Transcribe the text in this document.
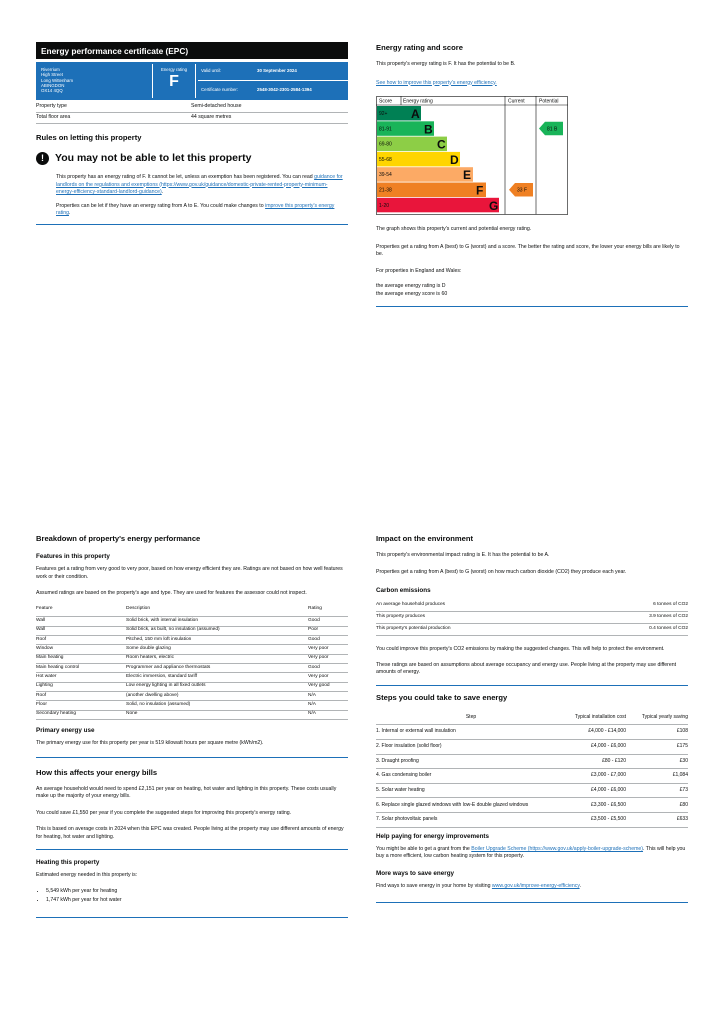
Energy performance certificate (EPC)
Riverrium
High Street
Long Wittenham
ABINGDON
OX14 4QQ
Energy rating
F
Valid until:	30 September 2024
Certificate number:	2548-3042-2301-2584-1394
Property type	Semi-detached house
Total floor area	44 square metres
Rules on letting this property
!	You may not be able to let this property

This property has an energy rating of F. It cannot be let, unless an exemption has been registered. You can read guidance for landlords on the regulations and exemptions (https://www.gov.uk/guidance/domestic-private-rented-property-minimum-energy-efficiency-standard-landlord-guidance).

Properties can be let if they have an energy rating from A to E. You could make changes to improve this property's energy rating.

Energy rating and score

This property's energy rating is F. It has the potential to be B.

See how to improve this property's energy efficiency.

Score Energy rating	Current	Potential
92+ A
81-91	B
69-80	C
55-68	D
39-54	E
21-38	F
1-20	G
33 F
81 B

The graph shows this property's current and potential energy rating.

Properties get a rating from A (best) to G (worst) and a score. The better the rating and score, the lower your energy bills are likely to be.

For properties in England and Wales:

the average energy rating is D
the average energy score is 60
Breakdown of property's energy performance
Features in this property

Features get a rating from very good to very poor, based on how energy efficient they are. Ratings are not based on how well features work or their condition.

Assumed ratings are based on the property's age and type. They are used for features the assessor could not inspect.

Feature	Description	Rating
Wall	Solid brick, with internal insulation	Good
Wall	Solid brick, as built, no insulation (assumed)	Poor
Roof	Pitched, 150 mm loft insulation	Good
Window	Some double glazing	Very poor
Main heating	Room heaters, electric	Very poor
Main heating control	Programmer and appliance thermostats	Good
Hot water	Electric immersion, standard tariff	Very poor
Lighting	Low energy lighting in all fixed outlets	Very good
Roof	(another dwelling above)	N/A
Floor	Solid, no insulation (assumed)	N/A
Secondary heating	None	N/A
Primary energy use

The primary energy use for this property per year is 519 kilowatt hours per square metre (kWh/m2).

How this affects your energy bills

An average household would need to spend £2,151 per year on heating, hot water and lighting in this property. These costs usually make up the majority of your energy bills.

You could save £1,550 per year if you complete the suggested steps for improving this property's energy rating.

This is based on average costs in 2024 when this EPC was created. People living at the property may use different amounts of energy for heating, hot water and lighting.

Heating this property

Estimated energy needed in this property is:

• 5,549 kWh per year for heating
• 1,747 kWh per year for hot water
Impact on the environment

This property's environmental impact rating is E. It has the potential to be A.

Properties get a rating from A (best) to G (worst) on how much carbon dioxide (CO2) they produce each year.

Carbon emissions
An average household produces	6 tonnes of CO2
This property produces	3.9 tonnes of CO2
This property's potential production	0.4 tonnes of CO2

You could improve this property's CO2 emissions by making the suggested changes. This will help to protect the environment.

These ratings are based on assumptions about average occupancy and energy use. People living at the property may use different amounts of energy.

Steps you could take to save energy
Step	Typical installation cost	Typical yearly saving
1. Internal or external wall insulation	£4,000 - £14,000	£108
2. Floor insulation (solid floor)	£4,000 - £6,000	£175
3. Draught proofing	£80 - £120	£30
4. Gas condensing boiler	£3,000 - £7,000	£1,084
5. Solar water heating	£4,000 - £6,000	£73
6. Replace single glazed windows with low-E double glazed windows	£3,300 - £6,500	£80
7. Solar photovoltaic panels	£3,500 - £5,500	£633
Help paying for energy improvements

You might be able to get a grant from the Boiler Upgrade Scheme (https://www.gov.uk/apply-boiler-upgrade-scheme). This will help you buy a more efficient, low carbon heating system for this property.

More ways to save energy

Find ways to save energy in your home by visiting www.gov.uk/improve-energy-efficiency.
